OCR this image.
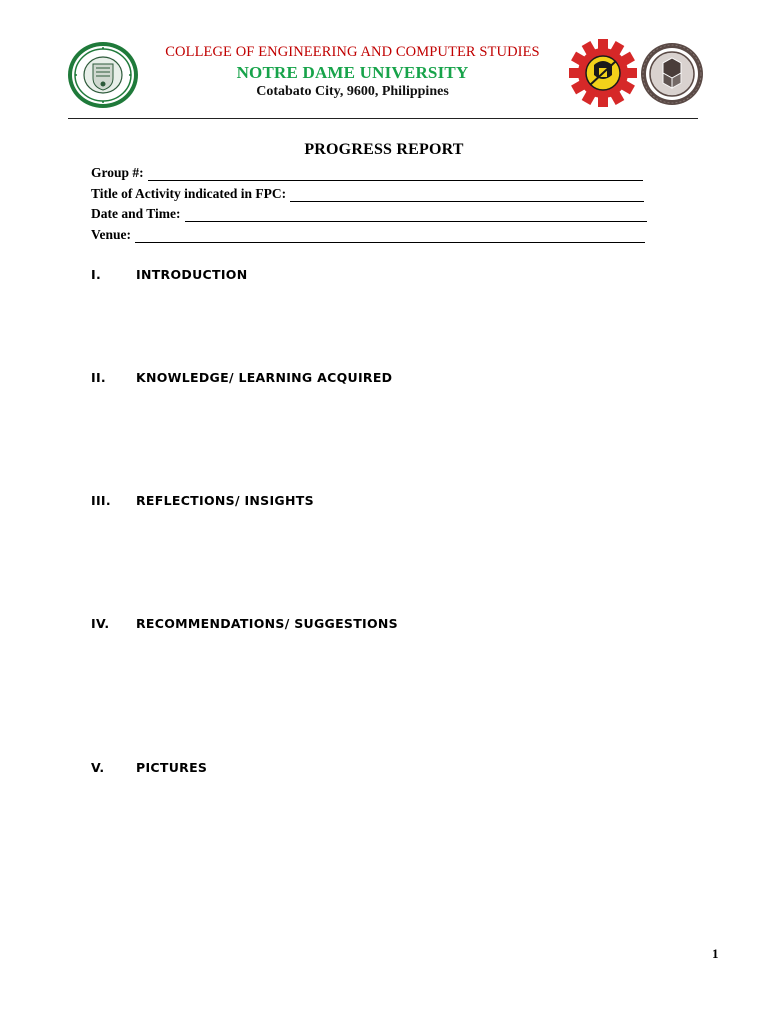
COLLEGE OF ENGINEERING AND COMPUTER STUDIES
NOTRE DAME UNIVERSITY
Cotabato City, 9600, Philippines
PROGRESS REPORT
Group #:
Title of Activity indicated in FPC:
Date and Time:
Venue:
I.	INTRODUCTION
II. KNOWLEDGE/ LEARNING ACQUIRED
III. REFLECTIONS/ INSIGHTS
IV. RECOMMENDATIONS/ SUGGESTIONS
V.	PICTURES
1
